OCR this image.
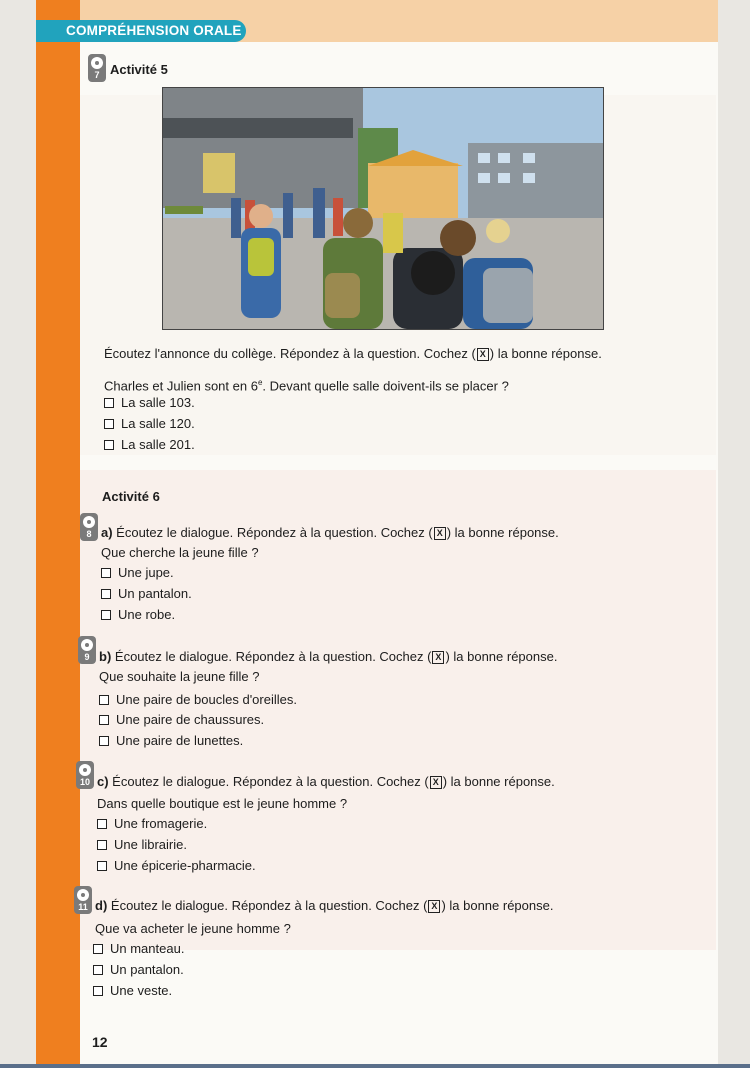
COMPRÉHENSION ORALE
7 Activité 5
Écoutez l'annonce du collège. Répondez à la question. Cochez ( X ) la bonne réponse.
Charles et Julien sont en 6e. Devant quelle salle doivent-ils se placer ?
La salle 103.
La salle 120.
La salle 201.
Activité 6
8 a) Écoutez le dialogue. Répondez à la question. Cochez ( X ) la bonne réponse.
Que cherche la jeune fille ?
Une jupe.
Un pantalon.
Une robe.
9 b) Écoutez le dialogue. Répondez à la question. Cochez ( X ) la bonne réponse.
Que souhaite la jeune fille ?
Une paire de boucles d'oreilles.
Une paire de chaussures.
Une paire de lunettes.
10 c) Écoutez le dialogue. Répondez à la question. Cochez ( X ) la bonne réponse.
Dans quelle boutique est le jeune homme ?
Une fromagerie.
Une librairie.
Une épicerie-pharmacie.
11 d) Écoutez le dialogue. Répondez à la question. Cochez ( X ) la bonne réponse.
Que va acheter le jeune homme ?
Un manteau.
Un pantalon.
Une veste.
12
